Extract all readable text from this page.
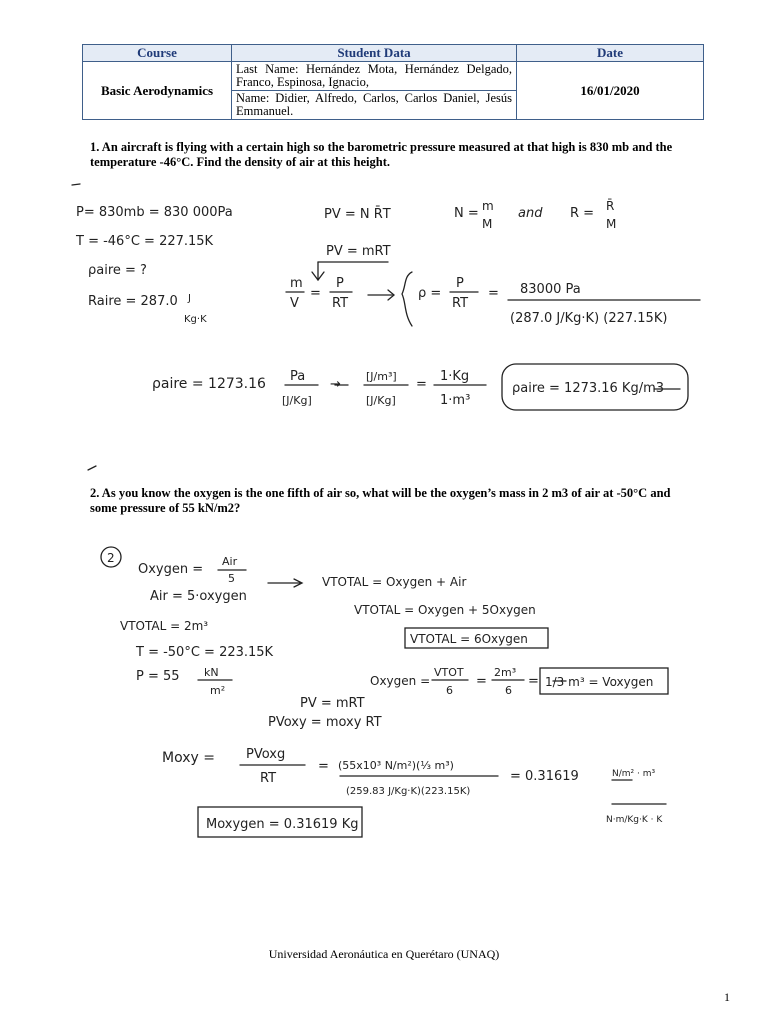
Course	Student Data	Date
Basic Aerodynamics	Last Name: Hernández Mota, Hernández Delgado, Franco, Espinosa, Ignacio,	16/01/2020
	Name: Didier, Alfredo, Carlos, Carlos Daniel, Jesús Emmanuel.	
1. An aircraft is flying with a certain high so the barometric pressure measured at that high is 830 mb and the temperature -46°C. Find the density of air at this height.
P= 830mb = 830 000Pa
T = -46°C = 227.15K
ρaire = ?
Raire = 287.0 J
Kg·K
PV = N R̄T	N = m
M
and R = R̄
M
PV = mRT
m
V
=
P
RT
ρ =
P
RT
= 83000 Pa
(287.0 J/Kg·K) (227.15K)
ρaire = 1273.16 Pa
[J/Kg]
→
[J/m³]
[J/Kg]
=
1·Kg
1·m³
ρaire = 1273.16 Kg/m3
2
Oxygen =
Air
5
Air = 5·oxygen
VTOTAL = Oxygen + Air
VTOTAL = Oxygen + 5Oxygen
VTOTAL = 6Oxygen
VTOTAL = 2m³
T = -50°C = 223.15K
P = 55 kN
m²
Oxygen =
VTOT
6
=
2m³
6
= 1/3 m³ = Voxygen
PV = mRT
PVoxy = moxy RT
Moxy = PVoxg
RT
= (55x10³ N/m²)(⅓ m³)
(259.83 J/Kg·K)(223.15K)
= 0.31619	N/m² · m³
N·m/Kg·K · K
Moxygen = 0.31619 Kg
2. As you know the oxygen is the one fifth of air so, what will be the oxygen’s mass in 2 m3 of air at -50°C and some pressure of 55 kN/m2?
Universidad Aeronáutica en Querétaro (UNAQ)
1
